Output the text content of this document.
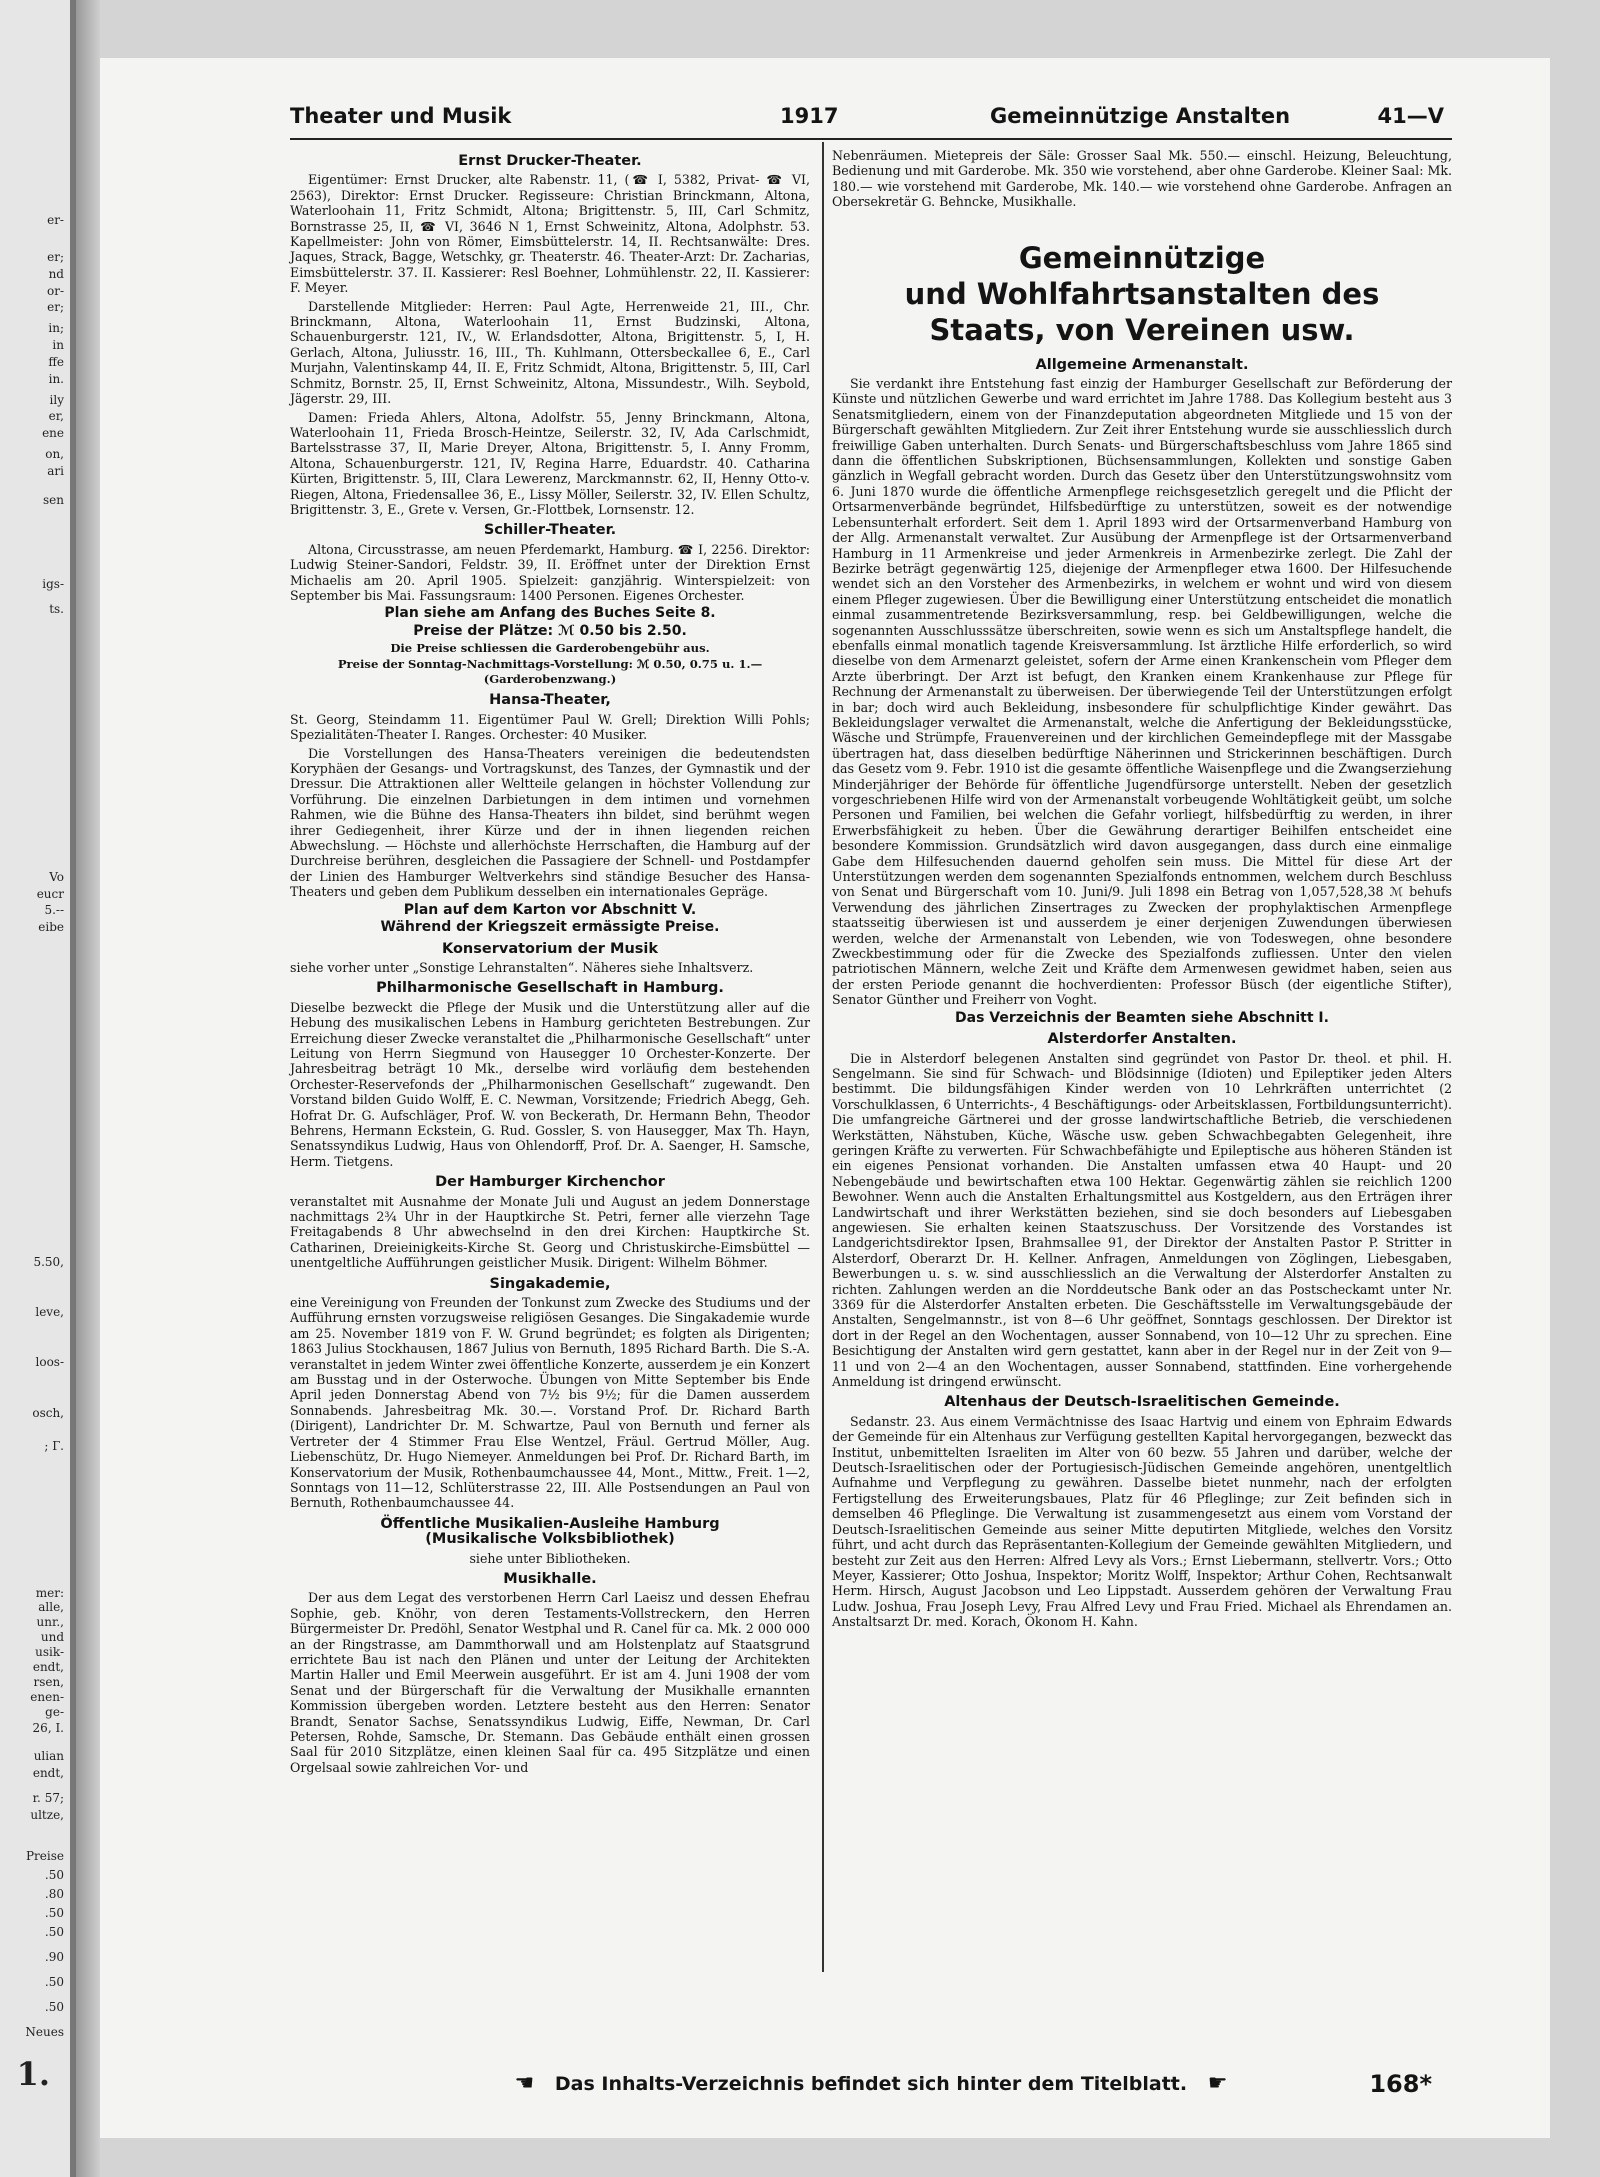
er-
er;
nd
or-
er;
in;
in
ffe
in.
ily
er,
ene
on,
ari
sen
igs-
ts.
Vo
eucr
5.--
eibe
5.50,
leve,
loos-
osch,
; Г.
mer:
alle,
unr.,
und
usik-
endt,
rsen,
enen-
ge-
26, I.
ulian
endt,
r. 57;
ultze,
Preise
.50
.80
.50
.50
.90
.50
.50
Neues
1.
Theater und Musik	1917	Gemeinnützige Anstalten	41—V
Ernst Drucker-Theater.

Eigentümer: Ernst Drucker, alte Rabenstr. 11, (☎ I, 5382, Privat- ☎ VI, 2563), Direktor: Ernst Drucker. Regisseure: Christian Brinckmann, Altona, Waterloohain 11, Fritz Schmidt, Altona; Brigittenstr. 5, III, Carl Schmitz, Bornstrasse 25, II, ☎ VI, 3646 N 1, Ernst Schweinitz, Altona, Adolphstr. 53. Kapellmeister: John von Römer, Eimsbüttelerstr. 14, II. Rechtsanwälte: Dres. Jaques, Strack, Bagge, Wetschky, gr. Theaterstr. 46. Theater-Arzt: Dr. Zacharias, Eimsbüttelerstr. 37. II. Kassierer: Resl Boehner, Lohmühlenstr. 22, II. Kassierer: F. Meyer.

Darstellende Mitglieder: Herren: Paul Agte, Herrenweide 21, III., Chr. Brinckmann, Altona, Waterloohain 11, Ernst Budzinski, Altona, Schauenburgerstr. 121, IV., W. Erlandsdotter, Altona, Brigittenstr. 5, I, H. Gerlach, Altona, Juliusstr. 16, III., Th. Kuhlmann, Ottersbeckallee 6, E., Carl Murjahn, Valentinskamp 44, II. E, Fritz Schmidt, Altona, Brigittenstr. 5, III, Carl Schmitz, Bornstr. 25, II, Ernst Schweinitz, Altona, Missundestr., Wilh. Seybold, Jägerstr. 29, III.

Damen: Frieda Ahlers, Altona, Adolfstr. 55, Jenny Brinckmann, Altona, Waterloohain 11, Frieda Brosch-Heintze, Seilerstr. 32, IV, Ada Carlschmidt, Bartelsstrasse 37, II, Marie Dreyer, Altona, Brigittenstr. 5, I. Anny Fromm, Altona, Schauenburgerstr. 121, IV, Regina Harre, Eduardstr. 40. Catharina Kürten, Brigittenstr. 5, III, Clara Lewerenz, Marckmannstr. 62, II, Henny Otto-v. Riegen, Altona, Friedensallee 36, E., Lissy Möller, Seilerstr. 32, IV. Ellen Schultz, Brigittenstr. 3, E., Grete v. Versen, Gr.-Flottbek, Lornsenstr. 12.

Schiller-Theater.

Altona, Circusstrasse, am neuen Pferdemarkt, Hamburg. ☎ I, 2256. Direktor: Ludwig Steiner-Sandori, Feldstr. 39, II. Eröffnet unter der Direktion Ernst Michaelis am 20. April 1905. Spielzeit: ganzjährig. Winterspielzeit: von September bis Mai. Fassungsraum: 1400 Personen. Eigenes Orchester.

Plan siehe am Anfang des Buches Seite 8.
Preise der Plätze: ℳ 0.50 bis 2.50.
Die Preise schliessen die Garderobengebühr aus.
Preise der Sonntag-Nachmittags-Vorstellung: ℳ 0.50, 0.75 u. 1.—
(Garderobenzwang.)
Hansa-Theater,

St. Georg, Steindamm 11. Eigentümer Paul W. Grell; Direktion Willi Pohls; Spezialitäten-Theater I. Ranges. Orchester: 40 Musiker.

Die Vorstellungen des Hansa-Theaters vereinigen die bedeutendsten Koryphäen der Gesangs- und Vortragskunst, des Tanzes, der Gymnastik und der Dressur. Die Attraktionen aller Weltteile gelangen in höchster Vollendung zur Vorführung. Die einzelnen Darbietungen in dem intimen und vornehmen Rahmen, wie die Bühne des Hansa-Theaters ihn bildet, sind berühmt wegen ihrer Gediegenheit, ihrer Kürze und der in ihnen liegenden reichen Abwechslung. — Höchste und allerhöchste Herrschaften, die Hamburg auf der Durchreise berühren, desgleichen die Passagiere der Schnell- und Postdampfer der Linien des Hamburger Weltverkehrs sind ständige Besucher des Hansa-Theaters und geben dem Publikum desselben ein internationales Gepräge.

Plan auf dem Karton vor Abschnitt V.
Während der Kriegszeit ermässigte Preise.
Konservatorium der Musik

siehe vorher unter „Sonstige Lehranstalten“. Näheres siehe Inhaltsverz.

Philharmonische Gesellschaft in Hamburg.

Dieselbe bezweckt die Pflege der Musik und die Unterstützung aller auf die Hebung des musikalischen Lebens in Hamburg gerichteten Bestrebungen. Zur Erreichung dieser Zwecke veranstaltet die „Philharmonische Gesellschaft“ unter Leitung von Herrn Siegmund von Hausegger 10 Orchester-Konzerte. Der Jahresbeitrag beträgt 10 Mk., derselbe wird vorläufig dem bestehenden Orchester-Reservefonds der „Philharmonischen Gesellschaft“ zugewandt. Den Vorstand bilden Guido Wolff, E. C. Newman, Vorsitzende; Friedrich Abegg, Geh. Hofrat Dr. G. Aufschläger, Prof. W. von Beckerath, Dr. Hermann Behn, Theodor Behrens, Hermann Eckstein, G. Rud. Gossler, S. von Hausegger, Max Th. Hayn, Senatssyndikus Ludwig, Haus von Ohlendorff, Prof. Dr. A. Saenger, H. Samsche, Herm. Tietgens.

Der Hamburger Kirchenchor

veranstaltet mit Ausnahme der Monate Juli und August an jedem Donnerstage nachmittags 2¾ Uhr in der Hauptkirche St. Petri, ferner alle vierzehn Tage Freitagabends 8 Uhr abwechselnd in den drei Kirchen: Hauptkirche St. Catharinen, Dreieinigkeits-Kirche St. Georg und Christuskirche-Eimsbüttel — unentgeltliche Aufführungen geistlicher Musik. Dirigent: Wilhelm Böhmer.

Singakademie,

eine Vereinigung von Freunden der Tonkunst zum Zwecke des Studiums und der Aufführung ernsten vorzugsweise religiösen Gesanges. Die Singakademie wurde am 25. November 1819 von F. W. Grund begründet; es folgten als Dirigenten; 1863 Julius Stockhausen, 1867 Julius von Bernuth, 1895 Richard Barth. Die S.-A. veranstaltet in jedem Winter zwei öffentliche Konzerte, ausserdem je ein Konzert am Busstag und in der Osterwoche. Übungen von Mitte September bis Ende April jeden Donnerstag Abend von 7½ bis 9½; für die Damen ausserdem Sonnabends. Jahresbeitrag Mk. 30.—. Vorstand Prof. Dr. Richard Barth (Dirigent), Landrichter Dr. M. Schwartze, Paul von Bernuth und ferner als Vertreter der 4 Stimmer Frau Else Wentzel, Fräul. Gertrud Möller, Aug. Liebenschütz, Dr. Hugo Niemeyer. Anmeldungen bei Prof. Dr. Richard Barth, im Konservatorium der Musik, Rothenbaumchaussee 44, Mont., Mittw., Freit. 1—2, Sonntags von 11—12, Schlüterstrasse 22, III. Alle Postsendungen an Paul von Bernuth, Rothenbaumchaussee 44.

Öffentliche Musikalien-Ausleihe Hamburg
(Musikalische Volksbibliothek)

siehe unter Bibliotheken.

Musikhalle.

Der aus dem Legat des verstorbenen Herrn Carl Laeisz und dessen Ehefrau Sophie, geb. Knöhr, von deren Testaments-Vollstreckern, den Herren Bürgermeister Dr. Predöhl, Senator Westphal und R. Canel für ca. Mk. 2 000 000 an der Ringstrasse, am Dammthorwall und am Holstenplatz auf Staatsgrund errichtete Bau ist nach den Plänen und unter der Leitung der Architekten Martin Haller und Emil Meerwein ausgeführt. Er ist am 4. Juni 1908 der vom Senat und der Bürgerschaft für die Verwaltung der Musikhalle ernannten Kommission übergeben worden. Letztere besteht aus den Herren: Senator Brandt, Senator Sachse, Senatssyndikus Ludwig, Eiffe, Newman, Dr. Carl Petersen, Rohde, Samsche, Dr. Stemann. Das Gebäude enthält einen grossen Saal für 2010 Sitzplätze, einen kleinen Saal für ca. 495 Sitzplätze und einen Orgelsaal sowie zahlreichen Vor- und

Nebenräumen. Mietepreis der Säle: Grosser Saal Mk. 550.— einschl. Heizung, Beleuchtung, Bedienung und mit Garderobe. Mk. 350 wie vorstehend, aber ohne Garderobe. Kleiner Saal: Mk. 180.— wie vorstehend mit Garderobe, Mk. 140.— wie vorstehend ohne Garderobe. Anfragen an Obersekretär G. Behncke, Musikhalle.

Gemeinnützige
und Wohlfahrtsanstalten des
Staats, von Vereinen usw.
Allgemeine Armenanstalt.

Sie verdankt ihre Entstehung fast einzig der Hamburger Gesellschaft zur Beförderung der Künste und nützlichen Gewerbe und ward errichtet im Jahre 1788. Das Kollegium besteht aus 3 Senatsmitgliedern, einem von der Finanzdeputation abgeordneten Mitgliede und 15 von der Bürgerschaft gewählten Mitgliedern. Zur Zeit ihrer Entstehung wurde sie ausschliesslich durch freiwillige Gaben unterhalten. Durch Senats- und Bürgerschaftsbeschluss vom Jahre 1865 sind dann die öffentlichen Subskriptionen, Büchsensammlungen, Kollekten und sonstige Gaben gänzlich in Wegfall gebracht worden. Durch das Gesetz über den Unterstützungswohnsitz vom 6. Juni 1870 wurde die öffentliche Armenpflege reichsgesetzlich geregelt und die Pflicht der Ortsarmenverbände begründet, Hilfsbedürftige zu unterstützen, soweit es der notwendige Lebensunterhalt erfordert. Seit dem 1. April 1893 wird der Ortsarmenverband Hamburg von der Allg. Armenanstalt verwaltet. Zur Ausübung der Armenpflege ist der Ortsarmenverband Hamburg in 11 Armenkreise und jeder Armenkreis in Armenbezirke zerlegt. Die Zahl der Bezirke beträgt gegenwärtig 125, diejenige der Armenpfleger etwa 1600. Der Hilfesuchende wendet sich an den Vorsteher des Armenbezirks, in welchem er wohnt und wird von diesem einem Pfleger zugewiesen. Über die Bewilligung einer Unterstützung entscheidet die monatlich einmal zusammentretende Bezirksversammlung, resp. bei Geldbewilligungen, welche die sogenannten Ausschlusssätze überschreiten, sowie wenn es sich um Anstaltspflege handelt, die ebenfalls einmal monatlich tagende Kreisversammlung. Ist ärztliche Hilfe erforderlich, so wird dieselbe von dem Armenarzt geleistet, sofern der Arme einen Krankenschein vom Pfleger dem Arzte überbringt. Der Arzt ist befugt, den Kranken einem Krankenhause zur Pflege für Rechnung der Armenanstalt zu überweisen. Der überwiegende Teil der Unterstützungen erfolgt in bar; doch wird auch Bekleidung, insbesondere für schulpflichtige Kinder gewährt. Das Bekleidungslager verwaltet die Armenanstalt, welche die Anfertigung der Bekleidungsstücke, Wäsche und Strümpfe, Frauenvereinen und der kirchlichen Gemeindepflege mit der Massgabe übertragen hat, dass dieselben bedürftige Näherinnen und Strickerinnen beschäftigen. Durch das Gesetz vom 9. Febr. 1910 ist die gesamte öffentliche Waisenpflege und die Zwangserziehung Minderjähriger der Behörde für öffentliche Jugendfürsorge unterstellt. Neben der gesetzlich vorgeschriebenen Hilfe wird von der Armenanstalt vorbeugende Wohltätigkeit geübt, um solche Personen und Familien, bei welchen die Gefahr vorliegt, hilfsbedürftig zu werden, in ihrer Erwerbsfähigkeit zu heben. Über die Gewährung derartiger Beihilfen entscheidet eine besondere Kommission. Grundsätzlich wird davon ausgegangen, dass durch eine einmalige Gabe dem Hilfesuchenden dauernd geholfen sein muss. Die Mittel für diese Art der Unterstützungen werden dem sogenannten Spezialfonds entnommen, welchem durch Beschluss von Senat und Bürgerschaft vom 10. Juni/9. Juli 1898 ein Betrag von 1,057,528,38 ℳ behufs Verwendung des jährlichen Zinsertrages zu Zwecken der prophylaktischen Armenpflege staatsseitig überwiesen ist und ausserdem je einer derjenigen Zuwendungen überwiesen werden, welche der Armenanstalt von Lebenden, wie von Todeswegen, ohne besondere Zweckbestimmung oder für die Zwecke des Spezialfonds zufliessen. Unter den vielen patriotischen Männern, welche Zeit und Kräfte dem Armenwesen gewidmet haben, seien aus der ersten Periode genannt die hochverdienten: Professor Büsch (der eigentliche Stifter), Senator Günther und Freiherr von Voght.

Das Verzeichnis der Beamten siehe Abschnitt I.
Alsterdorfer Anstalten.

Die in Alsterdorf belegenen Anstalten sind gegründet von Pastor Dr. theol. et phil. H. Sengelmann. Sie sind für Schwach- und Blödsinnige (Idioten) und Epileptiker jeden Alters bestimmt. Die bildungsfähigen Kinder werden von 10 Lehrkräften unterrichtet (2 Vorschulklassen, 6 Unterrichts-, 4 Beschäftigungs- oder Arbeitsklassen, Fortbildungsunterricht). Die umfangreiche Gärtnerei und der grosse landwirtschaftliche Betrieb, die verschiedenen Werkstätten, Nähstuben, Küche, Wäsche usw. geben Schwachbegabten Gelegenheit, ihre geringen Kräfte zu verwerten. Für Schwachbefähigte und Epileptische aus höheren Ständen ist ein eigenes Pensionat vorhanden. Die Anstalten umfassen etwa 40 Haupt- und 20 Nebengebäude und bewirtschaften etwa 100 Hektar. Gegenwärtig zählen sie reichlich 1200 Bewohner. Wenn auch die Anstalten Erhaltungsmittel aus Kostgeldern, aus den Erträgen ihrer Landwirtschaft und ihrer Werkstätten beziehen, sind sie doch besonders auf Liebesgaben angewiesen. Sie erhalten keinen Staatszuschuss. Der Vorsitzende des Vorstandes ist Landgerichtsdirektor Ipsen, Brahmsallee 91, der Direktor der Anstalten Pastor P. Stritter in Alsterdorf, Oberarzt Dr. H. Kellner. Anfragen, Anmeldungen von Zöglingen, Liebesgaben, Bewerbungen u. s. w. sind ausschliesslich an die Verwaltung der Alsterdorfer Anstalten zu richten. Zahlungen werden an die Norddeutsche Bank oder an das Postscheckamt unter Nr. 3369 für die Alsterdorfer Anstalten erbeten. Die Geschäftsstelle im Verwaltungsgebäude der Anstalten, Sengelmannstr., ist von 8—6 Uhr geöffnet, Sonntags geschlossen. Der Direktor ist dort in der Regel an den Wochentagen, ausser Sonnabend, von 10—12 Uhr zu sprechen. Eine Besichtigung der Anstalten wird gern gestattet, kann aber in der Regel nur in der Zeit von 9—11 und von 2—4 an den Wochentagen, ausser Sonnabend, stattfinden. Eine vorhergehende Anmeldung ist dringend erwünscht.

Altenhaus der Deutsch-Israelitischen Gemeinde.

Sedanstr. 23. Aus einem Vermächtnisse des Isaac Hartvig und einem von Ephraim Edwards der Gemeinde für ein Altenhaus zur Verfügung gestellten Kapital hervorgegangen, bezweckt das Institut, unbemittelten Israeliten im Alter von 60 bezw. 55 Jahren und darüber, welche der Deutsch-Israelitischen oder der Portugiesisch-Jüdischen Gemeinde angehören, unentgeltlich Aufnahme und Verpflegung zu gewähren. Dasselbe bietet nunmehr, nach der erfolgten Fertigstellung des Erweiterungsbaues, Platz für 46 Pfleglinge; zur Zeit befinden sich in demselben 46 Pfleglinge. Die Verwaltung ist zusammengesetzt aus einem vom Vorstand der Deutsch-Israelitischen Gemeinde aus seiner Mitte deputirten Mitgliede, welches den Vorsitz führt, und acht durch das Repräsentanten-Kollegium der Gemeinde gewählten Mitgliedern, und besteht zur Zeit aus den Herren: Alfred Levy als Vors.; Ernst Liebermann, stellvertr. Vors.; Otto Meyer, Kassierer; Otto Joshua, Inspektor; Moritz Wolff, Inspektor; Arthur Cohen, Rechtsanwalt Herm. Hirsch, August Jacobson und Leo Lippstadt. Ausserdem gehören der Verwaltung Frau Ludw. Joshua, Frau Joseph Levy, Frau Alfred Levy und Frau Fried. Michael als Ehrendamen an. Anstaltsarzt Dr. med. Korach, Ökonom H. Kahn.

☚ Das Inhalts-Verzeichnis befindet sich hinter dem Titelblatt. ☛	168*
